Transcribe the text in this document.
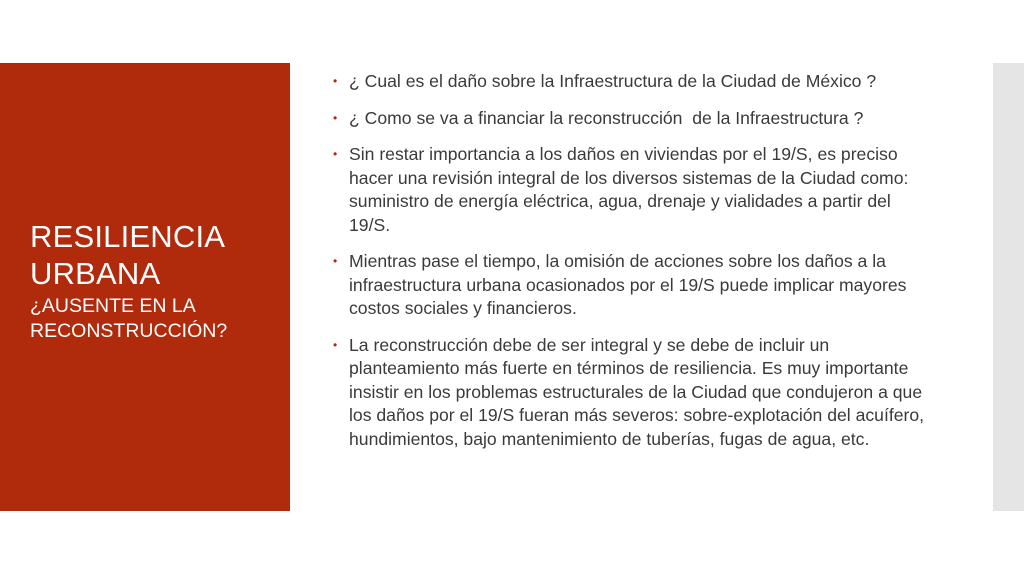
RESILIENCIA URBANA
¿AUSENTE EN LA RECONSTRUCCIÓN?
• ¿ Cual es el daño sobre la Infraestructura de la Ciudad de México ?
• ¿ Como se va a financiar la reconstrucción  de la Infraestructura ?
• Sin restar importancia a los daños en viviendas por el 19/S, es preciso hacer una revisión integral de los diversos sistemas de la Ciudad como: suministro de energía eléctrica, agua, drenaje y vialidades a partir del 19/S.
• Mientras pase el tiempo, la omisión de acciones sobre los daños a la infraestructura urbana ocasionados por el 19/S puede implicar mayores costos sociales y financieros.
• La reconstrucción debe de ser integral y se debe de incluir un planteamiento más fuerte en términos de resiliencia. Es muy importante insistir en los problemas estructurales de la Ciudad que condujeron a que los daños por el 19/S fueran más severos: sobre-explotación del acuífero, hundimientos, bajo mantenimiento de tuberías, fugas de agua, etc.
